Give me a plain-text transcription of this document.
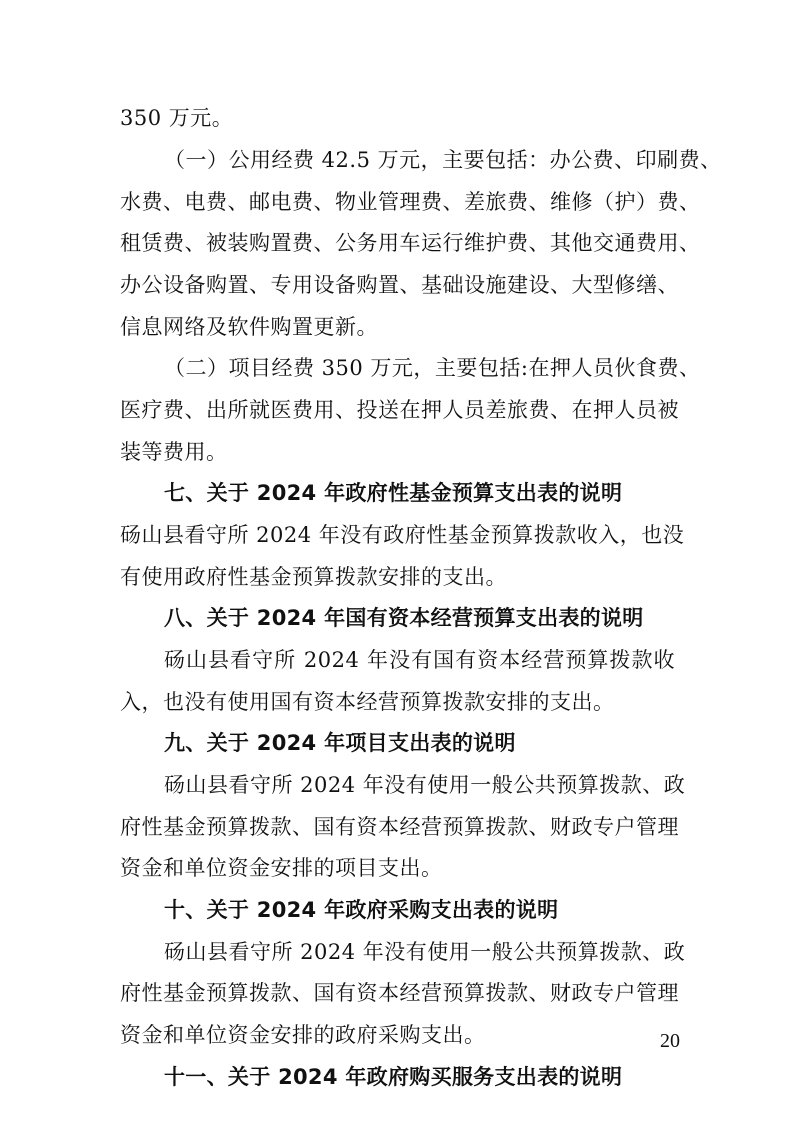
350 万元。
（一）公用经费 42.5 万元，主要包括：办公费、印刷费、
水费、电费、邮电费、物业管理费、差旅费、维修（护）费、
租赁费、被装购置费、公务用车运行维护费、其他交通费用、
办公设备购置、专用设备购置、基础设施建设、大型修缮、
信息网络及软件购置更新。
（二）项目经费 350 万元，主要包括:在押人员伙食费、
医疗费、出所就医费用、投送在押人员差旅费、在押人员被
装等费用。
七、关于 2024 年政府性基金预算支出表的说明
砀山县看守所 2024 年没有政府性基金预算拨款收入，也没
有使用政府性基金预算拨款安排的支出。
八、关于 2024 年国有资本经营预算支出表的说明
砀山县看守所 2024 年没有国有资本经营预算拨款收
入，也没有使用国有资本经营预算拨款安排的支出。
九、关于 2024 年项目支出表的说明
砀山县看守所 2024 年没有使用一般公共预算拨款、政
府性基金预算拨款、国有资本经营预算拨款、财政专户管理
资金和单位资金安排的项目支出。
十、关于 2024 年政府采购支出表的说明
砀山县看守所 2024 年没有使用一般公共预算拨款、政
府性基金预算拨款、国有资本经营预算拨款、财政专户管理
资金和单位资金安排的政府采购支出。
十一、关于 2024 年政府购买服务支出表的说明
20
